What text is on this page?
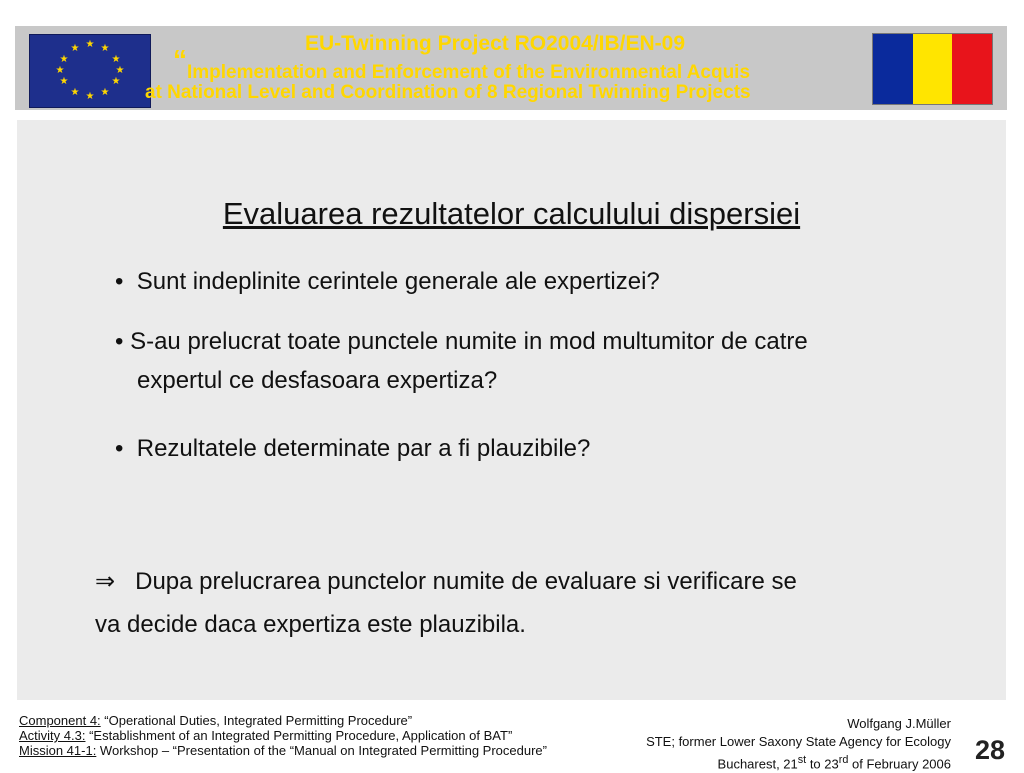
★ ★
★
★
★
★
★
★
★
★
★
★	EU-Twinning Project RO2004/IB/EN-09
“ Implementation and Enforcement of the Environmental Acquis
at National Level and Coordination of 8 Regional Twinning Projects
Evaluarea rezultatelor calculului dispersiei
• Sunt indeplinite cerintele generale ale expertizei?
• S-au prelucrat toate punctele numite in mod multumitor de catre
expertul ce desfasoara expertiza?
• Rezultatele determinate par a fi plauzibile?
⇒ Dupa prelucrarea punctelor numite de evaluare si verificare se
va decide daca expertiza este plauzibila.
Component 4: “Operational Duties, Integrated Permitting Procedure”
Activity 4.3: “Establishment of an Integrated Permitting Procedure, Application of BAT”
Mission 41-1: Workshop – “Presentation of the “Manual on Integrated Permitting Procedure”
Wolfgang J.Müller
STE; former Lower Saxony State Agency for Ecology
Bucharest, 21st to 23rd of February 2006 28
